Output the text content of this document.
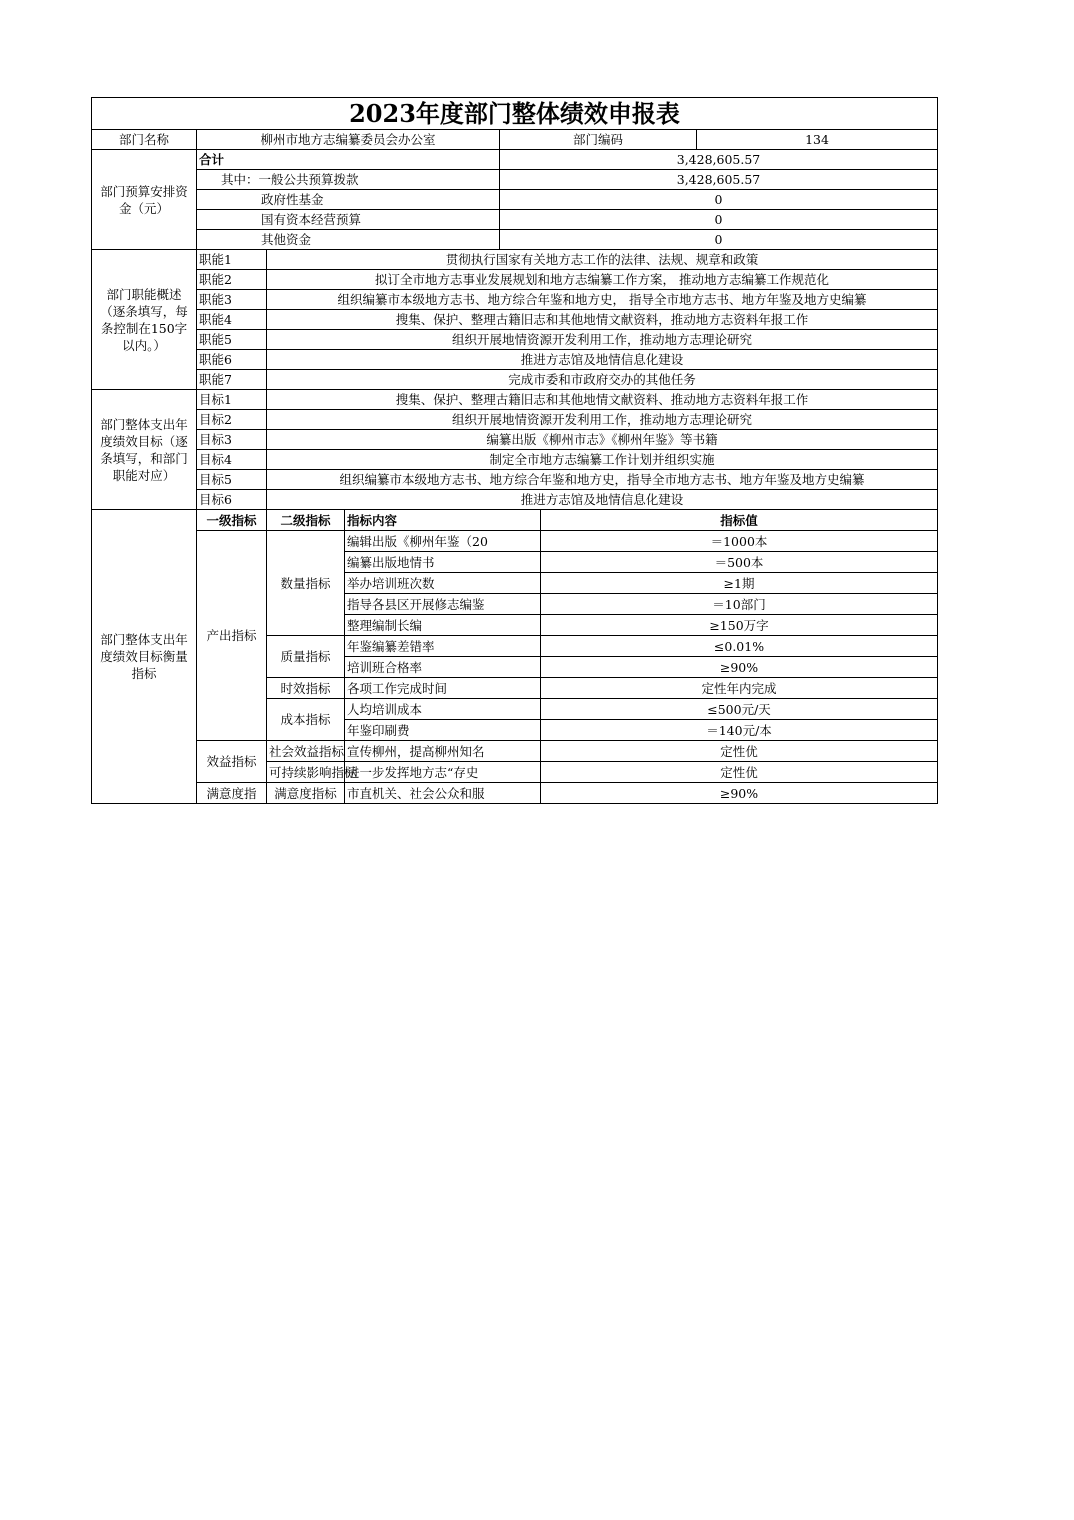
2023年度部门整体绩效申报表						
部门名称	柳州市地方志编纂委员会办公室			部门编码		134
部门预算安排资金（元）	合计			3,428,605.57		
	其中：一般公共预算拨款			3,428,605.57		
	政府性基金			0		
	国有资本经营预算			0		
	其他资金			0		
部门职能概述（逐条填写，每条控制在150字以内。）	职能1	贯彻执行国家有关地方志工作的法律、法规、规章和政策				
	职能2	拟订全市地方志事业发展规划和地方志编纂工作方案， 推动地方志编纂工作规范化				
	职能3	组织编纂市本级地方志书、地方综合年鉴和地方史， 指导全市地方志书、地方年鉴及地方史编纂				
	职能4	搜集、保护、整理古籍旧志和其他地情文献资料，推动地方志资料年报工作				
	职能5	组织开展地情资源开发利用工作，推动地方志理论研究				
	职能6	推进方志馆及地情信息化建设				
	职能7	完成市委和市政府交办的其他任务				
部门整体支出年度绩效目标（逐条填写，和部门职能对应）	目标1	搜集、保护、整理古籍旧志和其他地情文献资料、推动地方志资料年报工作				
	目标2	组织开展地情资源开发利用工作，推动地方志理论研究				
	目标3	编纂出版《柳州市志》《柳州年鉴》等书籍				
	目标4	制定全市地方志编纂工作计划并组织实施				
	目标5	组织编纂市本级地方志书、地方综合年鉴和地方史，指导全市地方志书、地方年鉴及地方史编纂				
	目标6	推进方志馆及地情信息化建设				
部门整体支出年度绩效目标衡量指标	一级指标	二级指标	指标内容		指标值	
	产出指标	数量指标	编辑出版《柳州年鉴（20		＝1000本	
			编纂出版地情书		＝500本	
			举办培训班次数		≥1期	
			指导各县区开展修志编鉴		＝10部门	
			整理编制长编		≥150万字	
		质量指标	年鉴编纂差错率		≤0.01%	
			培训班合格率		≥90%	
		时效指标	各项工作完成时间		定性年内完成	
		成本指标	人均培训成本		≤500元/天	
			年鉴印刷费		＝140元/本	
	效益指标	社会效益指标	宣传柳州，提高柳州知名		定性优	
		可持续影响指标	进一步发挥地方志“存史		定性优	
	满意度指	满意度指标	市直机关、社会公众和服		≥90%	
